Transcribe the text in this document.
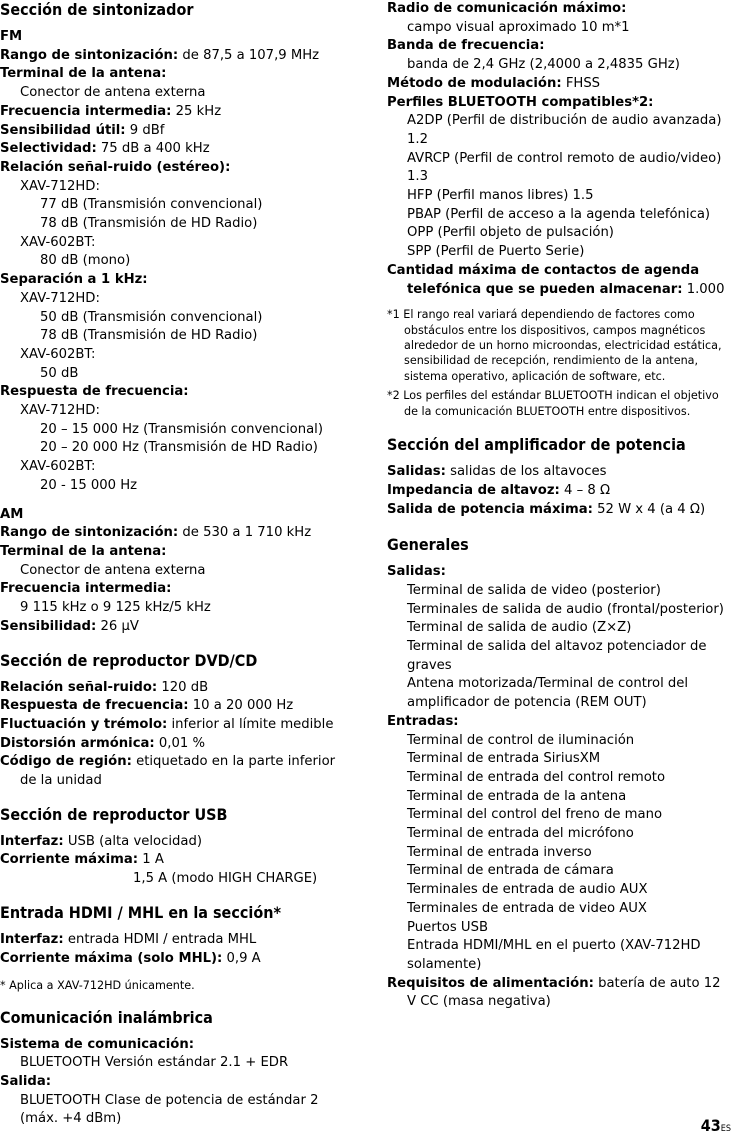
Sección de sintonizador

FM

Rango de sintonización: de 87,5 a 107,9 MHz

Terminal de la antena:

Conector de antena externa

Frecuencia intermedia: 25 kHz

Sensibilidad útil: 9 dBf

Selectividad: 75 dB a 400 kHz

Relación señal-ruido (estéreo):

XAV-712HD:

77 dB (Transmisión convencional)

78 dB (Transmisión de HD Radio)

XAV-602BT:

80 dB (mono)

Separación a 1 kHz:

XAV-712HD:

50 dB (Transmisión convencional)

78 dB (Transmisión de HD Radio)

XAV-602BT:

50 dB

Respuesta de frecuencia:

XAV-712HD:

20 – 15 000 Hz (Transmisión convencional)

20 – 20 000 Hz (Transmisión de HD Radio)

XAV-602BT:

20 - 15 000 Hz

AM

Rango de sintonización: de 530 a 1 710 kHz

Terminal de la antena:

Conector de antena externa

Frecuencia intermedia:

9 115 kHz o 9 125 kHz/5 kHz

Sensibilidad: 26 µV

Sección de reproductor DVD/CD

Relación señal-ruido: 120 dB

Respuesta de frecuencia: 10 a 20 000 Hz

Fluctuación y trémolo: inferior al límite medible

Distorsión armónica: 0,01 %

Código de región: etiquetado en la parte inferior de la unidad

Sección de reproductor USB

Interfaz: USB (alta velocidad)

Corriente máxima: 1 A

1,5 A (modo HIGH CHARGE)

Entrada HDMI / MHL en la sección*

Interfaz: entrada HDMI / entrada MHL

Corriente máxima (solo MHL): 0,9 A

* Aplica a XAV-712HD únicamente.

Comunicación inalámbrica

Sistema de comunicación:

BLUETOOTH Versión estándar 2.1 + EDR

Salida:

BLUETOOTH Clase de potencia de estándar 2 (máx. +4 dBm)

Radio de comunicación máximo:

campo visual aproximado 10 m*1

Banda de frecuencia:

banda de 2,4 GHz (2,4000 a 2,4835 GHz)

Método de modulación: FHSS

Perfiles BLUETOOTH compatibles*2:

A2DP (Perfil de distribución de audio avanzada) 1.2

AVRCP (Perfil de control remoto de audio/video) 1.3

HFP (Perfil manos libres) 1.5

PBAP (Perfil de acceso a la agenda telefónica)

OPP (Perfil objeto de pulsación)

SPP (Perfil de Puerto Serie)

Cantidad máxima de contactos de agenda telefónica que se pueden almacenar: 1.000

*1 El rango real variará dependiendo de factores como obstáculos entre los dispositivos, campos magnéticos alrededor de un horno microondas, electricidad estática, sensibilidad de recepción, rendimiento de la antena, sistema operativo, aplicación de software, etc.

*2 Los perfiles del estándar BLUETOOTH indican el objetivo de la comunicación BLUETOOTH entre dispositivos.

Sección del amplificador de potencia

Salidas: salidas de los altavoces

Impedancia de altavoz: 4 – 8 Ω

Salida de potencia máxima: 52 W x 4 (a 4 Ω)

Generales

Salidas:

Terminal de salida de video (posterior)

Terminales de salida de audio (frontal/posterior)

Terminal de salida de audio (Z×Z)

Terminal de salida del altavoz potenciador de graves

Antena motorizada/Terminal de control del amplificador de potencia (REM OUT)

Entradas:

Terminal de control de iluminación

Terminal de entrada SiriusXM

Terminal de entrada del control remoto

Terminal de entrada de la antena

Terminal del control del freno de mano

Terminal de entrada del micrófono

Terminal de entrada inverso

Terminal de entrada de cámara

Terminales de entrada de audio AUX

Terminales de entrada de video AUX

Puertos USB

Entrada HDMI/MHL en el puerto (XAV-712HD solamente)

Requisitos de alimentación: batería de auto 12 V CC (masa negativa)

43ES
